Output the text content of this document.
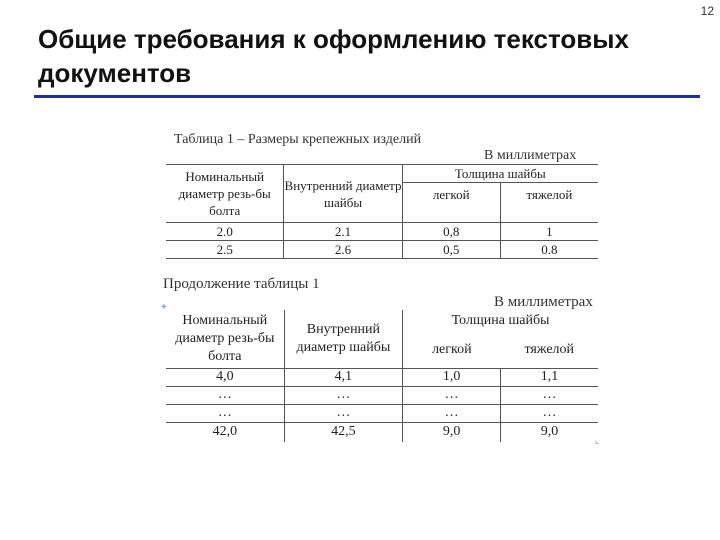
12
Общие требования к оформлению текстовых документов
Таблица 1 – Размеры крепежных изделий
В миллиметрах
Номинальный диаметр резь-бы болта	Внутренний диаметр шайбы	Толщина шайбы	
		легкой	тяжелой
2.0	2.1	0,8	1
2.5	2.6	0,5	0.8
Продолжение таблицы 1
+	В миллиметрах
Номинальный диаметр резь-бы болта	Внутренний диаметр шайбы	Толщина шайбы	
		легкой	тяжелой
4,0	4,1	1,0	1,1
…	…	…	…
…	…	…	…
42,0	42,5	9,0	9,0
⌞
